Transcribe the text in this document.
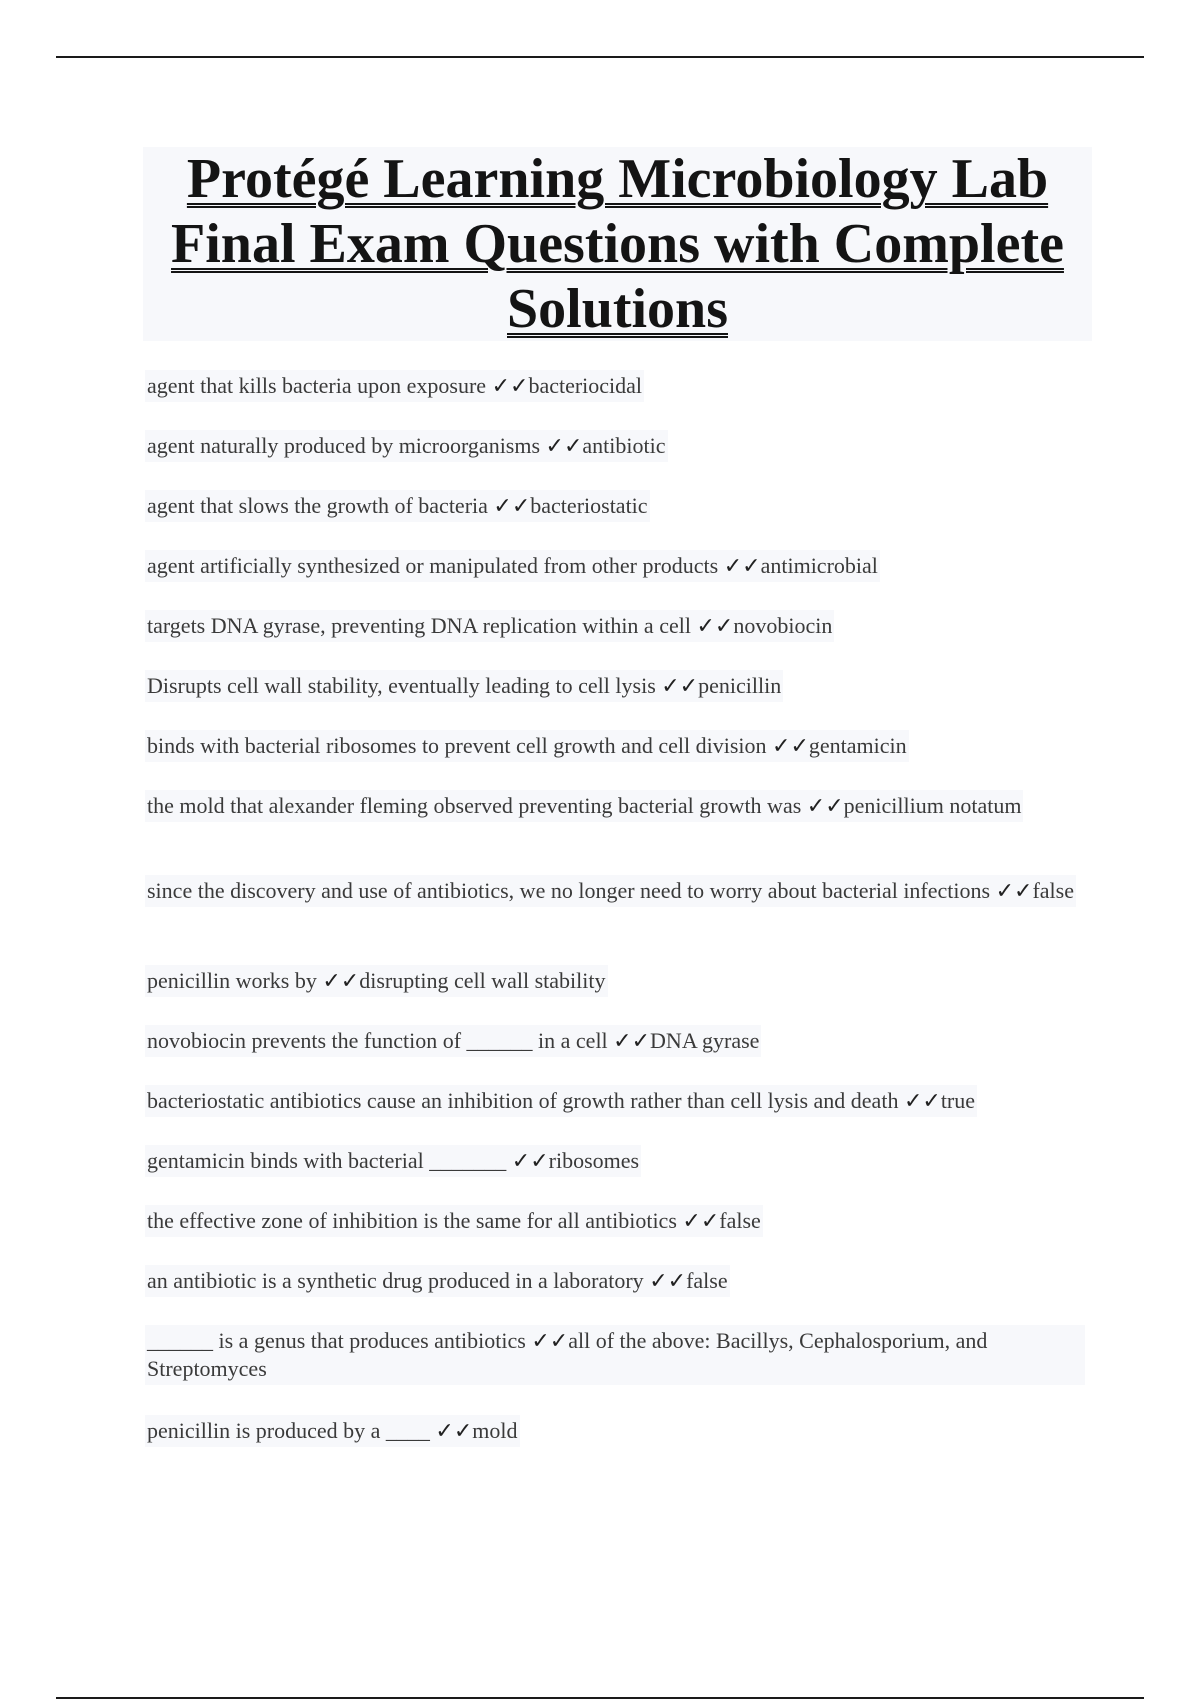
Protégé Learning Microbiology Lab Final Exam Questions with Complete Solutions
agent that kills bacteria upon exposure ✓✓bacteriocidal
agent naturally produced by microorganisms ✓✓antibiotic
agent that slows the growth of bacteria ✓✓bacteriostatic
agent artificially synthesized or manipulated from other products ✓✓antimicrobial
targets DNA gyrase, preventing DNA replication within a cell ✓✓novobiocin
Disrupts cell wall stability, eventually leading to cell lysis ✓✓penicillin
binds with bacterial ribosomes to prevent cell growth and cell division ✓✓gentamicin
the mold that alexander fleming observed preventing bacterial growth was ✓✓penicillium notatum
since the discovery and use of antibiotics, we no longer need to worry about bacterial infections ✓✓false
penicillin works by ✓✓disrupting cell wall stability
novobiocin prevents the function of ______ in a cell ✓✓DNA gyrase
bacteriostatic antibiotics cause an inhibition of growth rather than cell lysis and death ✓✓true
gentamicin binds with bacterial _______ ✓✓ribosomes
the effective zone of inhibition is the same for all antibiotics ✓✓false
an antibiotic is a synthetic drug produced in a laboratory ✓✓false
______ is a genus that produces antibiotics ✓✓all of the above: Bacillys, Cephalosporium, and Streptomyces
penicillin is produced by a ____ ✓✓mold
